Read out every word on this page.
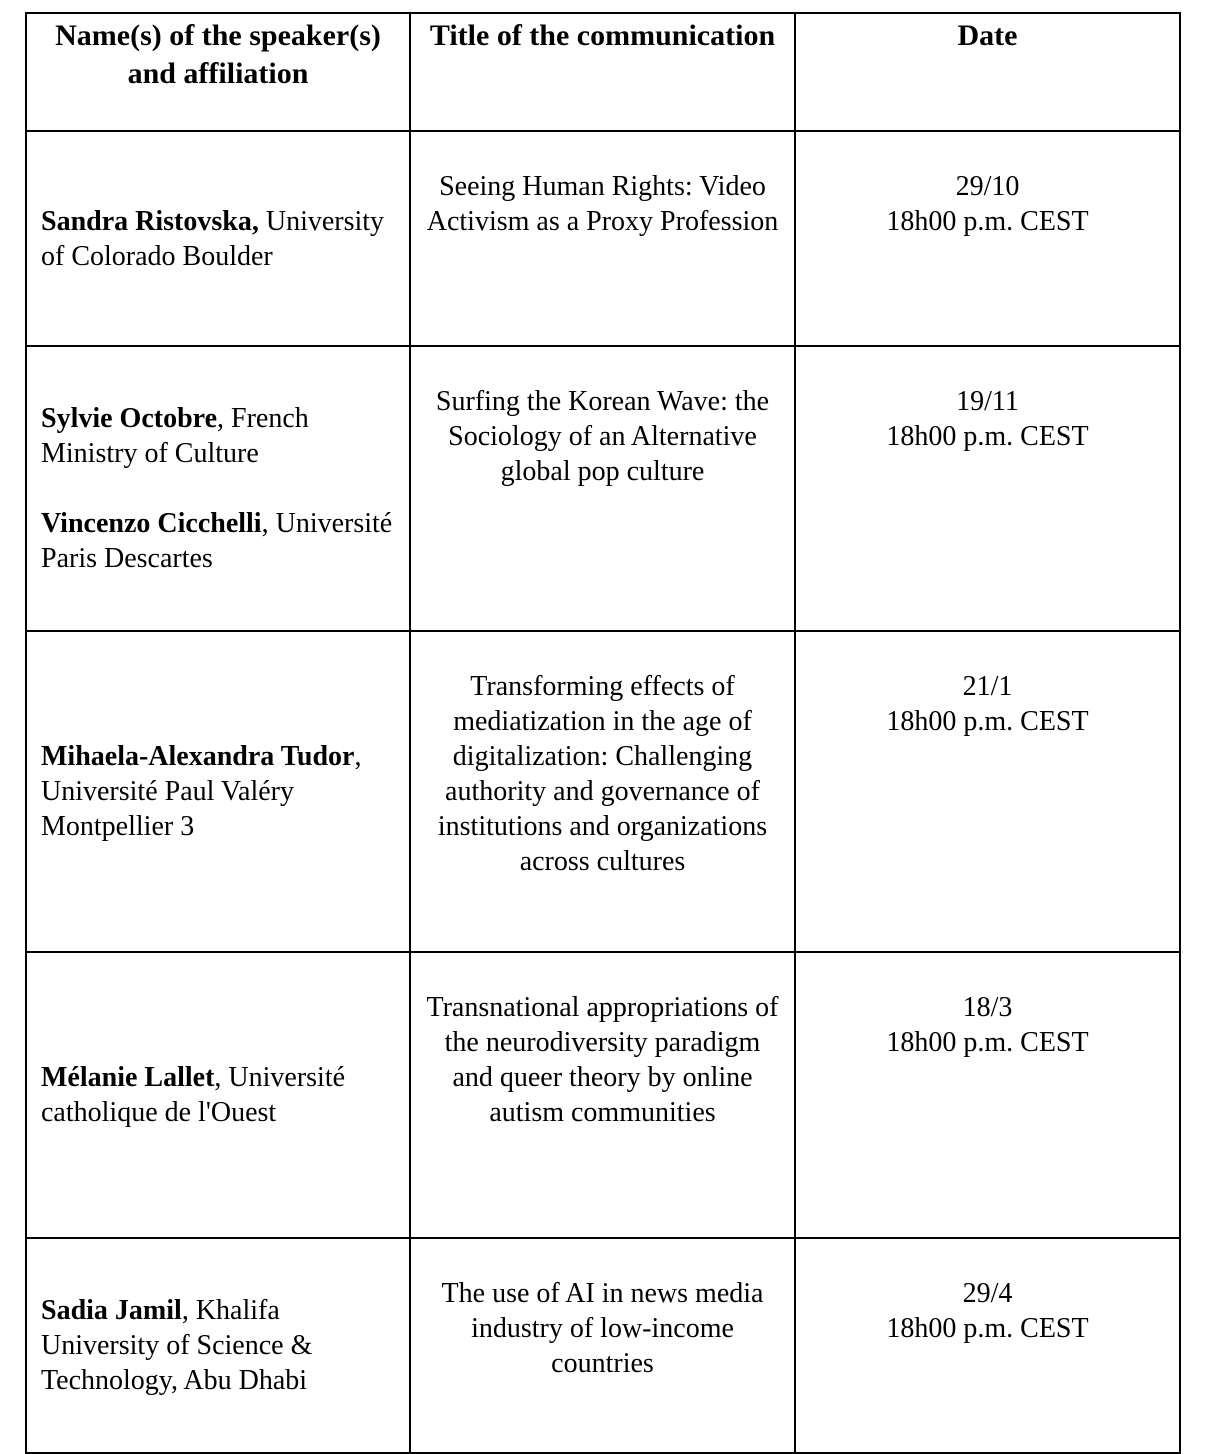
Name(s) of the speaker(s) and affiliation	Title of the communication	Date

Sandra Ristovska, University of Colorado Boulder	Seeing Human Rights: Video Activism as a Proxy Profession	29/10
18h00 p.m. CEST

Sylvie Octobre, French Ministry of Culture
Vincenzo Cicchelli, Université Paris Descartes	Surfing the Korean Wave: the Sociology of an Alternative global pop culture	19/11
18h00 p.m. CEST

Mihaela-Alexandra Tudor, Université Paul Valéry Montpellier 3	Transforming effects of mediatization in the age of digitalization: Challenging authority and governance of institutions and organizations across cultures	21/1
18h00 p.m. CEST

Mélanie Lallet, Université catholique de l'Ouest	Transnational appropriations of the neurodiversity paradigm and queer theory by online autism communities	18/3
18h00 p.m. CEST

Sadia Jamil, Khalifa University of Science & Technology, Abu Dhabi	The use of AI in news media industry of low-income countries	29/4
18h00 p.m. CEST
